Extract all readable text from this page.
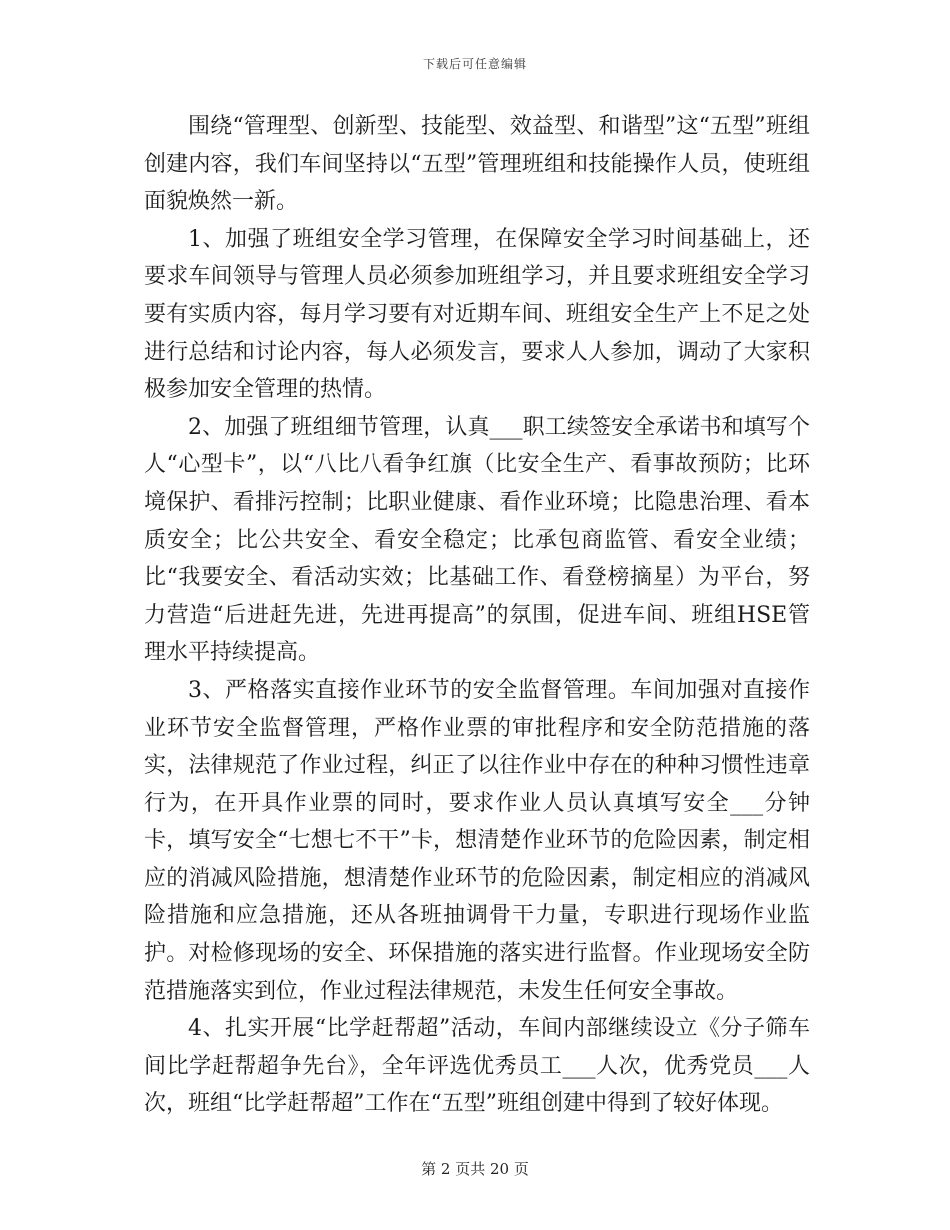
下载后可任意编辑

围绕“管理型、创新型、技能型、效益型、和谐型”这“五型”班组创建内容，我们车间坚持以“五型”管理班组和技能操作人员，使班组面貌焕然一新。

1、加强了班组安全学习管理，在保障安全学习时间基础上，还要求车间领导与管理人员必须参加班组学习，并且要求班组安全学习要有实质内容，每月学习要有对近期车间、班组安全生产上不足之处进行总结和讨论内容，每人必须发言，要求人人参加，调动了大家积极参加安全管理的热情。

2、加强了班组细节管理，认真___职工续签安全承诺书和填写个人“心型卡”，以“八比八看争红旗（比安全生产、看事故预防；比环境保护、看排污控制；比职业健康、看作业环境；比隐患治理、看本质安全；比公共安全、看安全稳定；比承包商监管、看安全业绩；比“我要安全、看活动实效；比基础工作、看登榜摘星）为平台，努力营造“后进赶先进，先进再提高”的氛围，促进车间、班组HSE管理水平持续提高。

3、严格落实直接作业环节的安全监督管理。车间加强对直接作业环节安全监督管理，严格作业票的审批程序和安全防范措施的落实，法律规范了作业过程，纠正了以往作业中存在的种种习惯性违章行为，在开具作业票的同时，要求作业人员认真填写安全___分钟卡，填写安全“七想七不干”卡，想清楚作业环节的危险因素，制定相应的消减风险措施，想清楚作业环节的危险因素，制定相应的消减风险措施和应急措施，还从各班抽调骨干力量，专职进行现场作业监护。对检修现场的安全、环保措施的落实进行监督。作业现场安全防范措施落实到位，作业过程法律规范，未发生任何安全事故。

4、扎实开展“比学赶帮超”活动，车间内部继续设立《分子筛车间比学赶帮超争先台》，全年评选优秀员工___人次，优秀党员___人次，班组“比学赶帮超”工作在“五型”班组创建中得到了较好体现。

第 2 页共 20 页
